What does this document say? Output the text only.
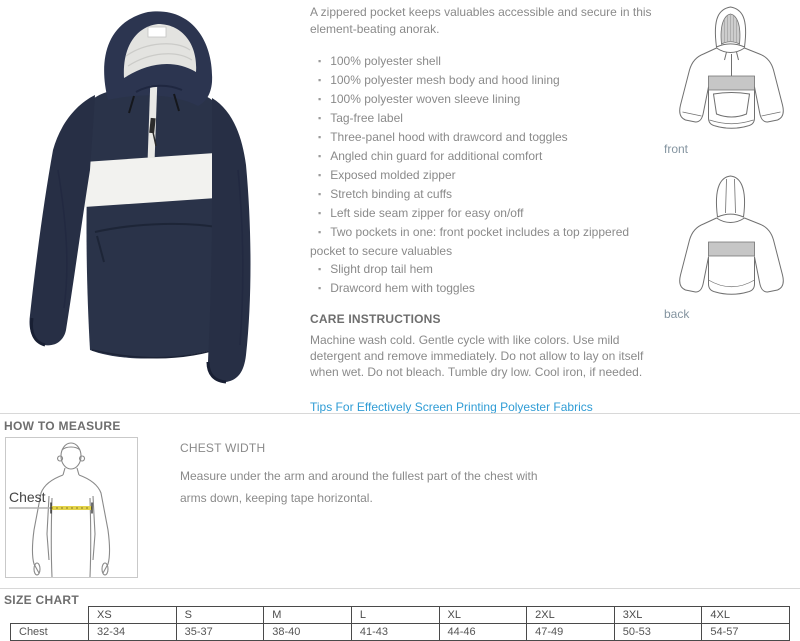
A zippered pocket keeps valuables accessible and secure in this element-beating anorak.

▪ 100% polyester shell
▪ 100% polyester mesh body and hood lining
▪ 100% polyester woven sleeve lining
▪ Tag-free label
▪ Three-panel hood with drawcord and toggles
▪ Angled chin guard for additional comfort
▪ Exposed molded zipper
▪ Stretch binding at cuffs
▪ Left side seam zipper for easy on/off
▪ Two pockets in one: front pocket includes a top zippered pocket to secure valuables
▪ Slight drop tail hem
▪ Drawcord hem with toggles
CARE INSTRUCTIONS

Machine wash cold. Gentle cycle with like colors. Use mild detergent and remove immediately. Do not allow to lay on itself when wet. Do not bleach. Tumble dry low. Cool iron, if needed.

Tips For Effectively Screen Printing Polyester Fabrics
front
back
HOW TO MEASURE
Chest
CHEST WIDTH

Measure under the arm and around the fullest part of the chest with arms down, keeping tape horizontal.

SIZE CHART
	XS	S	M	L	XL	2XL	3XL	4XL
Chest	32-34	35-37	38-40	41-43	44-46	47-49	50-53	54-57
